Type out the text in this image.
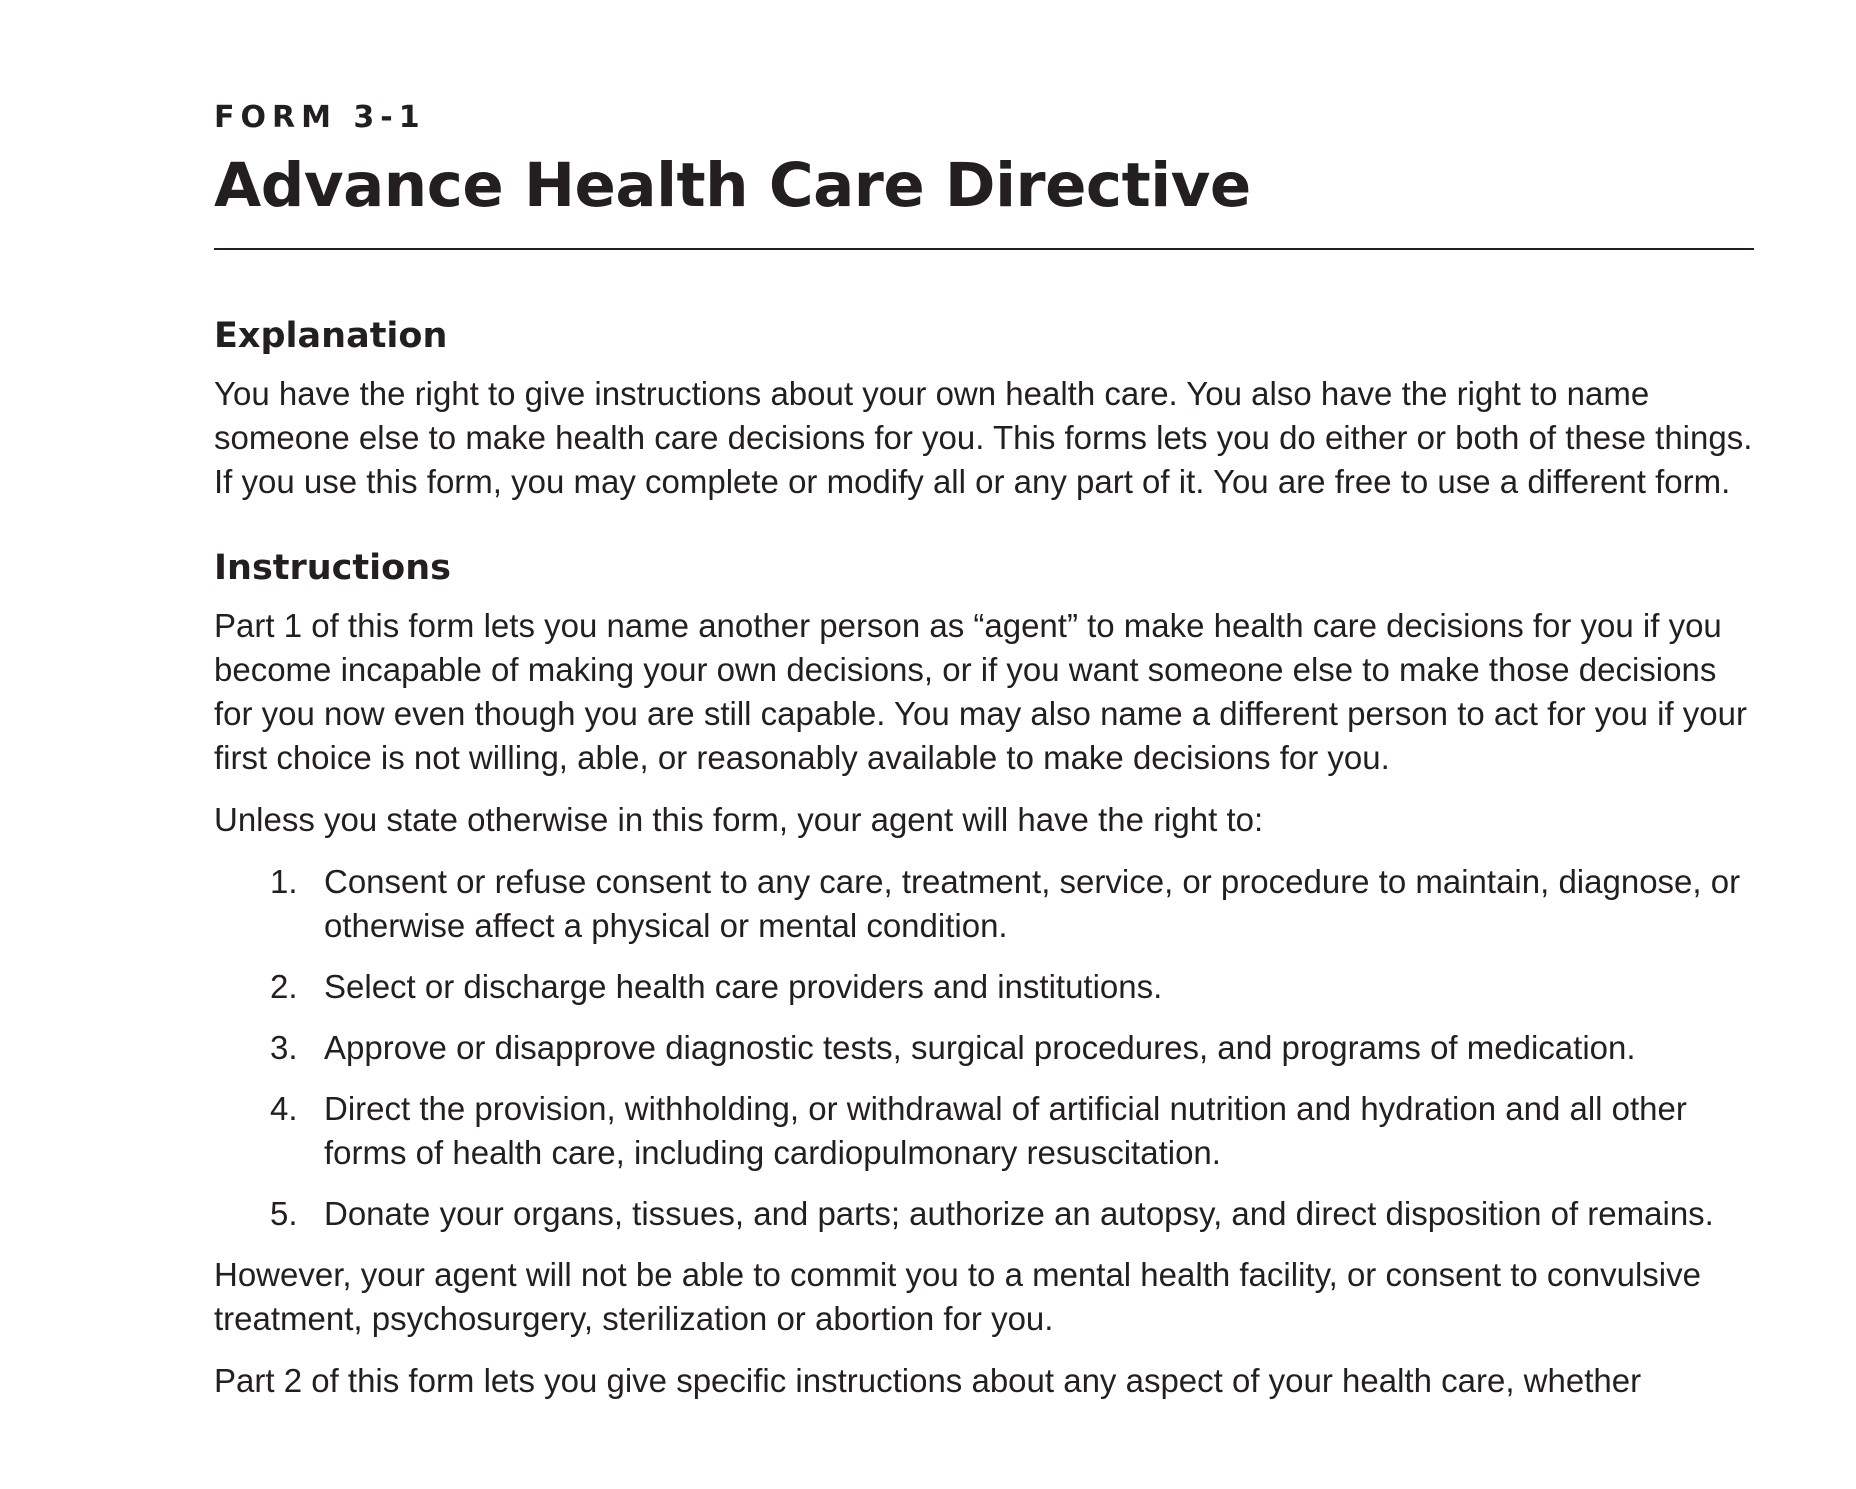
FORM 3-1
Advance Health Care Directive
Explanation

You have the right to give instructions about your own health care. You also have the right to name someone else to make health care decisions for you. This forms lets you do either or both of these things. If you use this form, you may complete or modify all or any part of it. You are free to use a different form.

Instructions

Part 1 of this form lets you name another person as “agent” to make health care decisions for you if you become incapable of making your own decisions, or if you want someone else to make those decisions for you now even though you are still capable. You may also name a different person to act for you if your first choice is not willing, able, or reasonably available to make decisions for you.

Unless you state otherwise in this form, your agent will have the right to:

1. Consent or refuse consent to any care, treatment, service, or procedure to maintain, diagnose, or otherwise affect a physical or mental condition.
2. Select or discharge health care providers and institutions.
3. Approve or disapprove diagnostic tests, surgical procedures, and programs of medication.
4. Direct the provision, withholding, or withdrawal of artificial nutrition and hydration and all other forms of health care, including cardiopulmonary resuscitation.
5. Donate your organs, tissues, and parts; authorize an autopsy, and direct disposition of remains.

However, your agent will not be able to commit you to a mental health facility, or consent to convulsive treatment, psychosurgery, sterilization or abortion for you.

Part 2 of this form lets you give specific instructions about any aspect of your health care, whether
